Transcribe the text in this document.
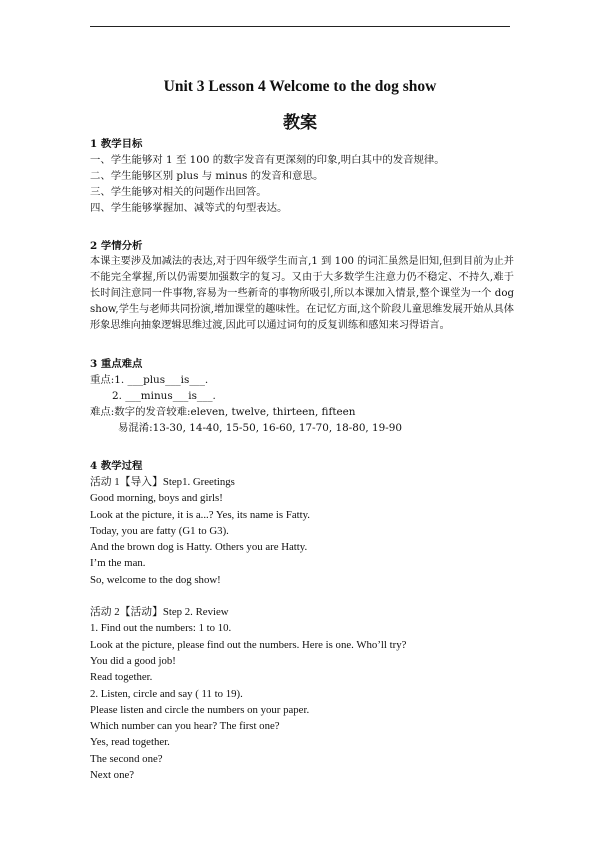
Unit 3 Lesson 4 Welcome to the dog show
教案
1 教学目标
一、学生能够对 1 至 100 的数字发音有更深刻的印象,明白其中的发音规律。
二、学生能够区别 plus 与 minus 的发音和意思。
三、学生能够对相关的问题作出回答。
四、学生能够掌握加、减等式的句型表达。
2 学情分析
本课主要涉及加减法的表达,对于四年级学生而言,1 到 100 的词汇虽然是旧知,但到目前为止并不能完全掌握,所以仍需要加强数字的复习。又由于大多数学生注意力仍不稳定、不持久,难于长时间注意同一件事物,容易为一些新奇的事物所吸引,所以本课加入情景,整个课堂为一个 dog show,学生与老师共同扮演,增加课堂的趣味性。在记忆方面,这个阶段儿童思维发展开始从具体形象思维向抽象逻辑思维过渡,因此可以通过词句的反复训练和感知来习得语言。
3 重点难点
重点:1. ___plus___is___.
2. ___minus___is___.
难点:数字的发音较难:eleven, twelve, thirteen, fifteen
易混淆:13-30, 14-40, 15-50, 16-60, 17-70, 18-80, 19-90
4 教学过程
活动 1【导入】Step1. Greetings
Good morning, boys and girls!
Look at the picture, it is a...? Yes, its name is Fatty.
Today, you are fatty (G1 to G3).
And the brown dog is Hatty. Others you are Hatty.
I’m the man.
So, welcome to the dog show!
活动 2【活动】Step 2. Review
1. Find out the numbers: 1 to 10.
Look at the picture, please find out the numbers. Here is one. Who’ll try?
You did a good job!
Read together.
2. Listen, circle and say ( 11 to 19).
Please listen and circle the numbers on your paper.
Which number can you hear? The first one?
Yes, read together.
The second one?
Next one?
